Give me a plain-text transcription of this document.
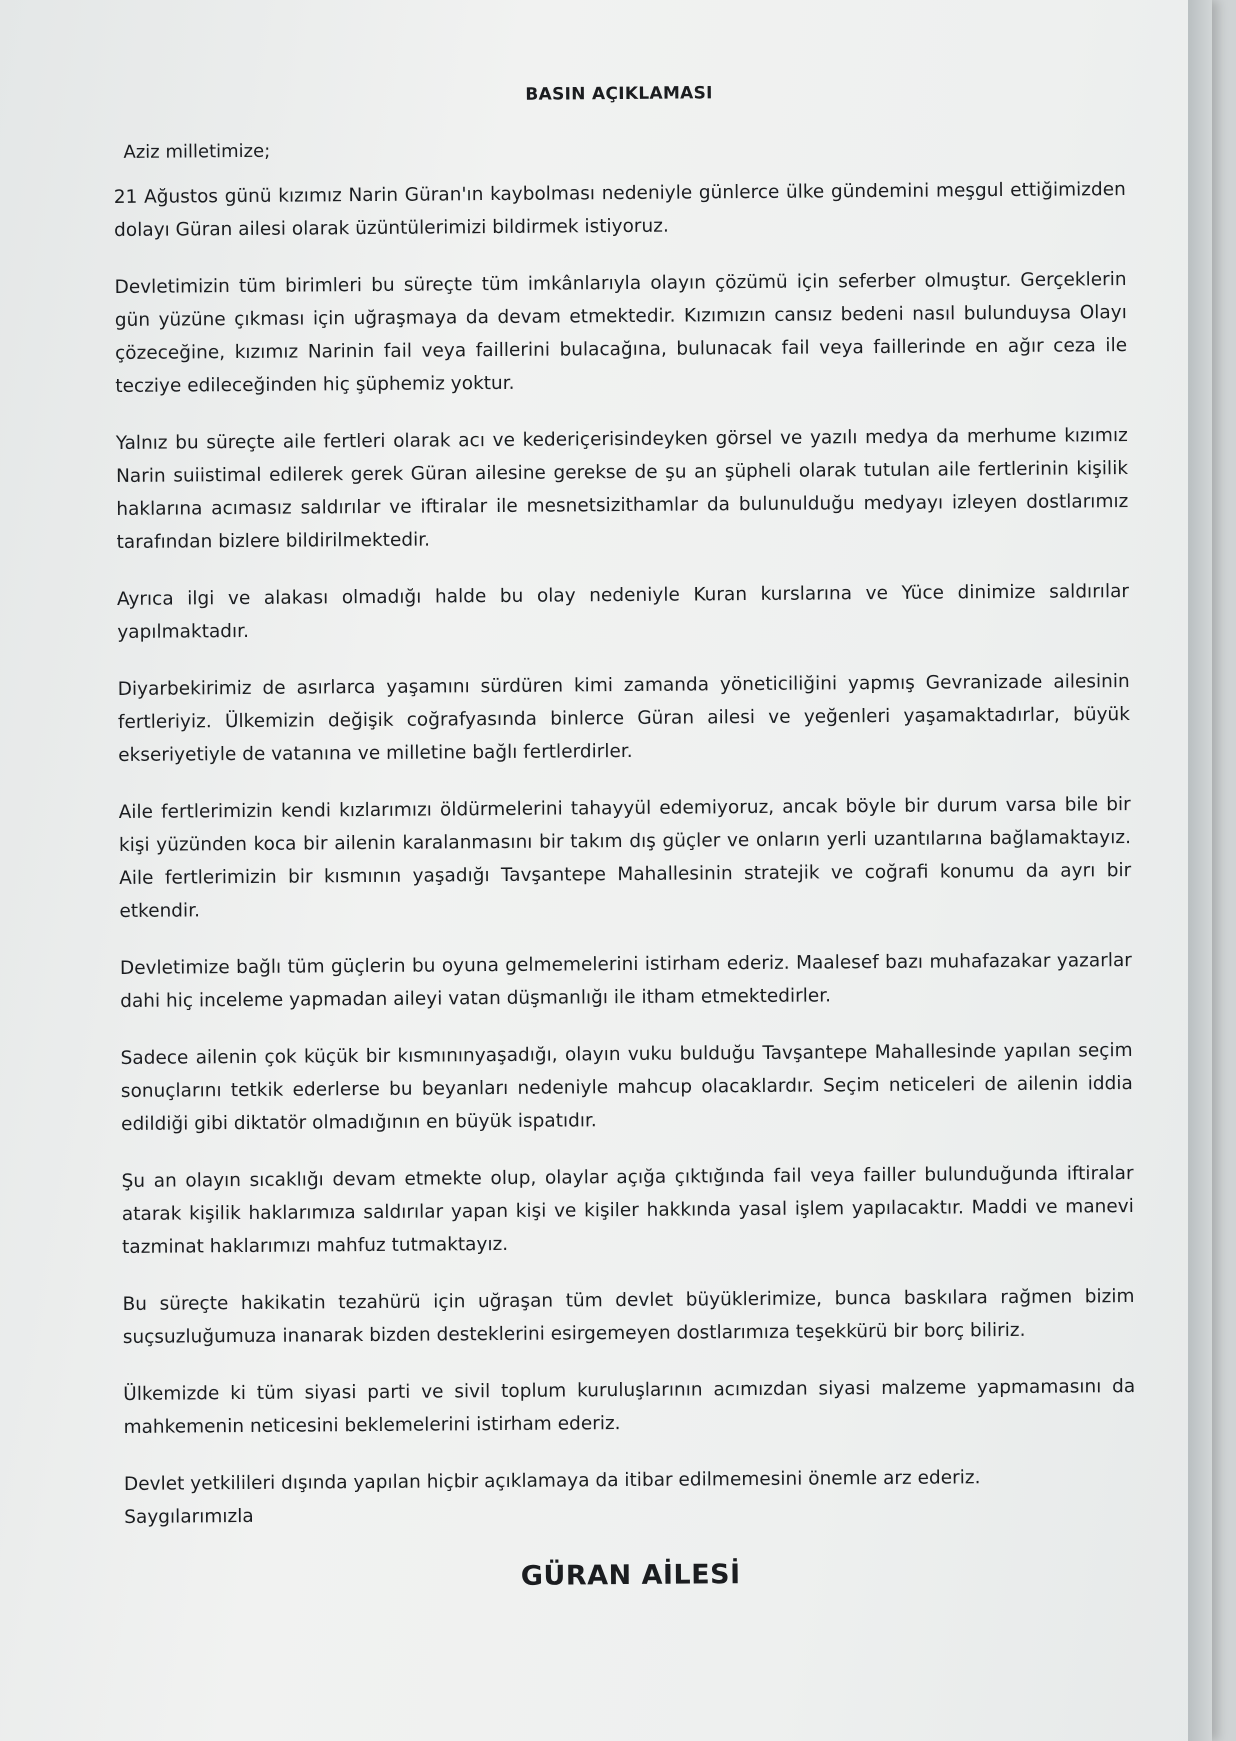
BASIN AÇIKLAMASI
Aziz milletimize;

21 Ağustos günü kızımız Narin Güran'ın kaybolması nedeniyle günlerce ülke gündemini meşgul ettiğimizden dolayı Güran ailesi olarak üzüntülerimizi bildirmek istiyoruz.

Devletimizin tüm birimleri bu süreçte tüm imkânlarıyla olayın çözümü için seferber olmuştur. Gerçeklerin gün yüzüne çıkması için uğraşmaya da devam etmektedir. Kızımızın cansız bedeni nasıl bulunduysa Olayı çözeceğine, kızımız Narinin fail veya faillerini bulacağına, bulunacak fail veya faillerinde en ağır ceza ile tecziye edileceğinden hiç şüphemiz yoktur.

Yalnız bu süreçte aile fertleri olarak acı ve kederiçerisindeyken görsel ve yazılı medya da merhume kızımız Narin suiistimal edilerek gerek Güran ailesine gerekse de şu an şüpheli olarak tutulan aile fertlerinin kişilik haklarına acımasız saldırılar ve iftiralar ile mesnetsizithamlar da bulunulduğu medyayı izleyen dostlarımız tarafından bizlere bildirilmektedir.

Ayrıca ilgi ve alakası olmadığı halde bu olay nedeniyle Kuran kurslarına ve Yüce dinimize saldırılar yapılmaktadır.

Diyarbekirimiz de asırlarca yaşamını sürdüren kimi zamanda yöneticiliğini yapmış Gevranizade ailesinin fertleriyiz. Ülkemizin değişik coğrafyasında binlerce Güran ailesi ve yeğenleri yaşamaktadırlar, büyük ekseriyetiyle de vatanına ve milletine bağlı fertlerdirler.

Aile fertlerimizin kendi kızlarımızı öldürmelerini tahayyül edemiyoruz, ancak böyle bir durum varsa bile bir kişi yüzünden koca bir ailenin karalanmasını bir takım dış güçler ve onların yerli uzantılarına bağlamaktayız. Aile fertlerimizin bir kısmının yaşadığı Tavşantepe Mahallesinin stratejik ve coğrafi konumu da ayrı bir etkendir.

Devletimize bağlı tüm güçlerin bu oyuna gelmemelerini istirham ederiz. Maalesef bazı muhafazakar yazarlar dahi hiç inceleme yapmadan aileyi vatan düşmanlığı ile itham etmektedirler.

Sadece ailenin çok küçük bir kısmınınyaşadığı, olayın vuku bulduğu Tavşantepe Mahallesinde yapılan seçim sonuçlarını tetkik ederlerse bu beyanları nedeniyle mahcup olacaklardır. Seçim neticeleri de ailenin iddia edildiği gibi diktatör olmadığının en büyük ispatıdır.

Şu an olayın sıcaklığı devam etmekte olup, olaylar açığa çıktığında fail veya failler bulunduğunda iftiralar atarak kişilik haklarımıza saldırılar yapan kişi ve kişiler hakkında yasal işlem yapılacaktır. Maddi ve manevi tazminat haklarımızı mahfuz tutmaktayız.

Bu süreçte hakikatin tezahürü için uğraşan tüm devlet büyüklerimize, bunca baskılara rağmen bizim suçsuzluğumuza inanarak bizden desteklerini esirgemeyen dostlarımıza teşekkürü bir borç biliriz.

Ülkemizde ki tüm siyasi parti ve sivil toplum kuruluşlarının acımızdan siyasi malzeme yapmamasını da mahkemenin neticesini beklemelerini istirham ederiz.

Devlet yetkilileri dışında yapılan hiçbir açıklamaya da itibar edilmemesini önemle arz ederiz.

Saygılarımızla
GÜRAN AİLESİ
